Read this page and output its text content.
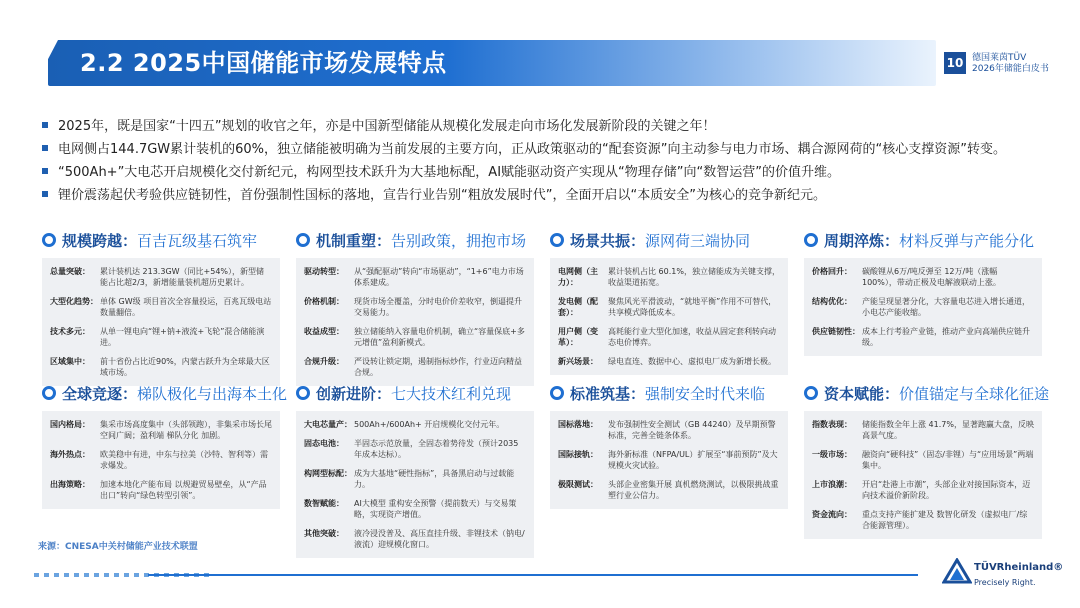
2.2 2025中国储能市场发展特点	10 德国莱茵TÜV
2026年储能白皮书
2025年，既是国家“十四五”规划的收官之年，亦是中国新型储能从规模化发展走向市场化发展新阶段的关键之年！
电网侧占144.7GW累计装机的60%，独立储能被明确为当前发展的主要方向，正从政策驱动的“配套资源”向主动参与电力市场、耦合源网荷的“核心支撑资源”转变。
“500Ah+”大电芯开启规模化交付新纪元，构网型技术跃升为大基地标配，AI赋能驱动资产实现从“物理存储”向“数智运营”的价值升维。
锂价震荡起伏考验供应链韧性，首份强制性国标的落地，宣告行业告别“粗放发展时代”，全面开启以“本质安全”为核心的竞争新纪元。
规模跨越： 百吉瓦级基石筑牢
总量突破：	累计装机达 213.3GW（同比+54%），新型储能占比超2/3，新增能量装机超历史累计。
大型化趋势： 单体 GW级 项目首次全容量投运，百兆瓦级电站数量翻倍。
技术多元：	从单一锂电向“锂+钠+液流+飞轮”混合储能演进。
区域集中：	前十省份占比近90%，内蒙古跃升为全球最大区域市场。
机制重塑： 告别政策，拥抱市场
驱动转型：	从“强配驱动”转向“市场驱动”，“1+6”电力市场体系建成。
价格机制：	现货市场全覆盖，分时电价价差收窄，倒逼提升交易能力。
收益成型：	独立储能纳入容量电价机制，确立“容量保底+多元增值”盈利新模式。
合规升级：	严设转让锁定期，遏制指标炒作，行业迈向精益合规。
场景共振： 源网荷三端协同
电网侧（主力）：
累计装机占比 60.1%，独立储能成为关键支撑，收益渠道拓宽。
发电侧（配套）：
聚焦风光平滑波动，“就地平衡”作用不可替代，共享模式降低成本。
用户侧（变革）：
高耗能行业大型化加速，收益从固定套利转向动态电价博弈。
新兴场景：	绿电直连、数据中心、虚拟电厂成为新增长极。
周期淬炼： 材料反弹与产能分化
价格回升：	碳酸锂从6万/吨反弹至 12万/吨（涨幅 100%），带动正极及电解液联动上涨。
结构优化：	产能呈现显著分化，大容量电芯进入增长通道，小电芯产能收缩。
供应链韧性： 成本上行考验产业链，推动产业向高端供应链升级。
全球竞逐： 梯队极化与出海本土化
国内格局：	集采市场高度集中（头部领跑），非集采市场长尾空间广阔；盈利端 梯队分化 加剧。
海外热点：	欧美稳中有进，中东与拉美（沙特、智利等）需求爆发。
出海策略：	加速本地化产能布局 以规避贸易壁垒，从“产品出口”转向“绿色转型引领”。
创新进阶： 七大技术红利兑现
大电芯量产： 500Ah+/600Ah+ 开启规模化交付元年。
固态电池：	半固态示范放量，全固态着势待发（预计2035年成本达标）。
构网型标配： 成为大基地“硬性指标”，具备黑启动与过载能力。
数智赋能：	AI大模型 重构安全预警（提前数天）与交易策略，实现资产增值。
其他突破：	液冷浸没普及、高压直挂升级、非锂技术（钠电/液流）迎规模化窗口。
标准筑基： 强制安全时代来临
国标落地：	发布强制性安全测试（GB 44240）及早期预警标准，完善全链条体系。
国际接轨：	海外新标准（NFPA/UL）扩展至“事前预防”及大规模火灾试验。
极限测试：	头部企业密集开展 真机燃烧测试，以极限挑战重塑行业公信力。
资本赋能： 价值锚定与全球化征途
指数表现：	储能指数全年上涨 41.7%，显著跑赢大盘，反映高景气度。
一级市场：	融资向“硬科技”（固态/非锂）与“应用场景”两端集中。
上市浪潮：	开启“赴港上市潮”，头部企业对接国际资本，迈向技术溢价新阶段。
资金流向：	重点支持产能扩建及 数智化研发（虚拟电厂/综合能源管理）。
来源：CNESA中关村储能产业技术联盟
TÜVRheinland®
Precisely Right.
